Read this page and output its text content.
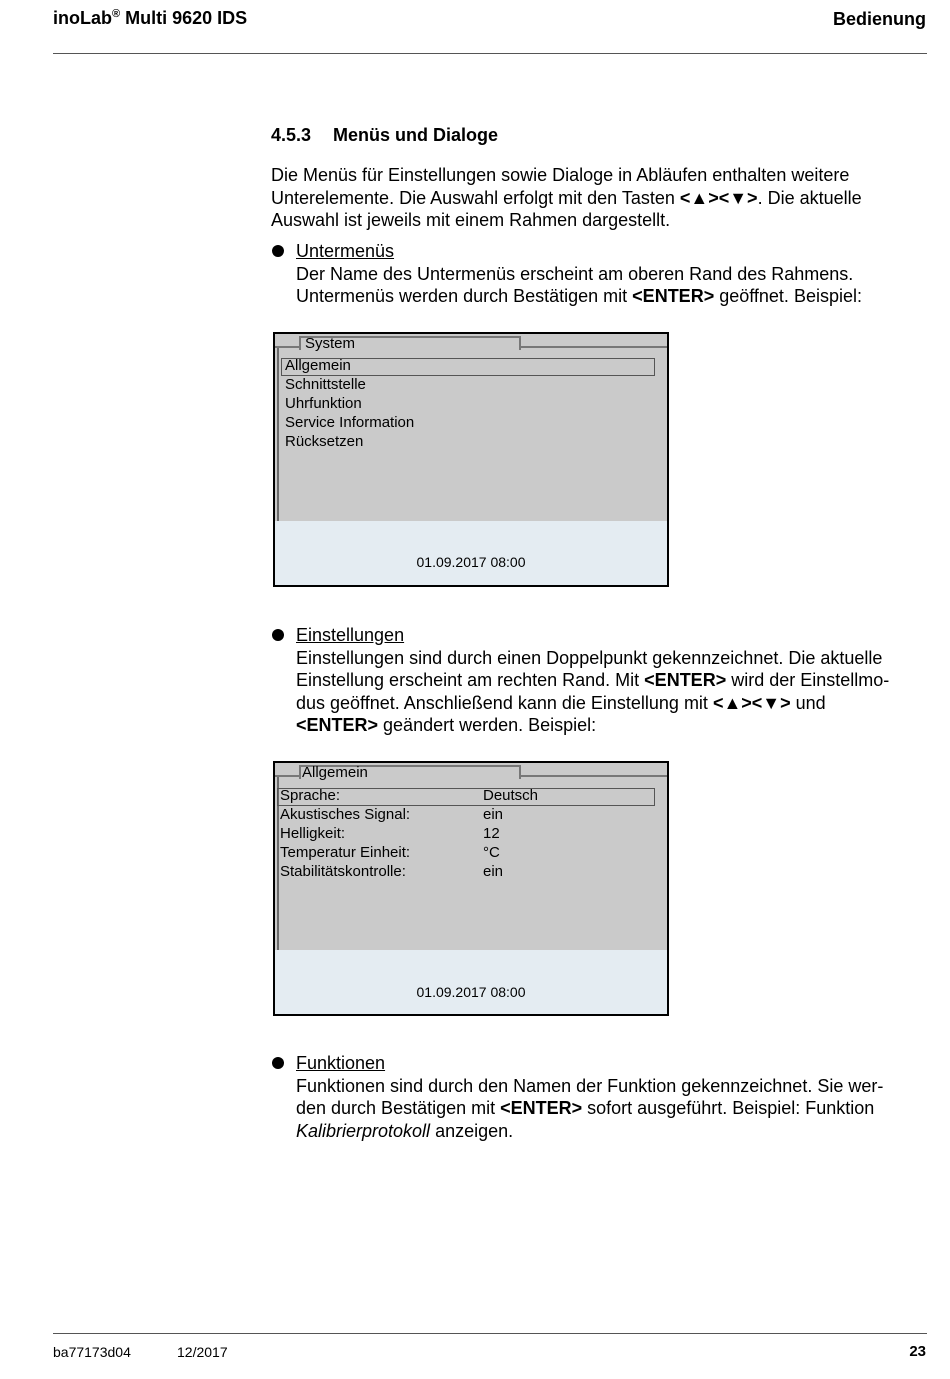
inoLab® Multi 9620 IDS	Bedienung
4.5.3 Menüs und Dialoge
Die Menüs für Einstellungen sowie Dialoge in Abläufen enthalten weitere
Unterelemente. Die Auswahl erfolgt mit den Tasten <▲><▼>. Die aktuelle
Auswahl ist jeweils mit einem Rahmen dargestellt.
Untermenüs
Der Name des Untermenüs erscheint am oberen Rand des Rahmens.
Untermenüs werden durch Bestätigen mit <ENTER> geöffnet. Beispiel:
System
Allgemein
Schnittstelle
Uhrfunktion
Service Information
Rücksetzen
01.09.2017 08:00
Einstellungen
Einstellungen sind durch einen Doppelpunkt gekennzeichnet. Die aktuelle
Einstellung erscheint am rechten Rand. Mit <ENTER> wird der Einstellmo-
dus geöffnet. Anschließend kann die Einstellung mit <▲><▼> und
<ENTER> geändert werden. Beispiel:
Allgemein
Sprache:	Deutsch
Akustisches Signal:	ein
Helligkeit:	12
Temperatur Einheit:	°C
Stabilitätskontrolle:	ein
01.09.2017 08:00
Funktionen
Funktionen sind durch den Namen der Funktion gekennzeichnet. Sie wer-
den durch Bestätigen mit <ENTER> sofort ausgeführt. Beispiel: Funktion
Kalibrierprotokoll anzeigen.
ba77173d04	12/2017	23
